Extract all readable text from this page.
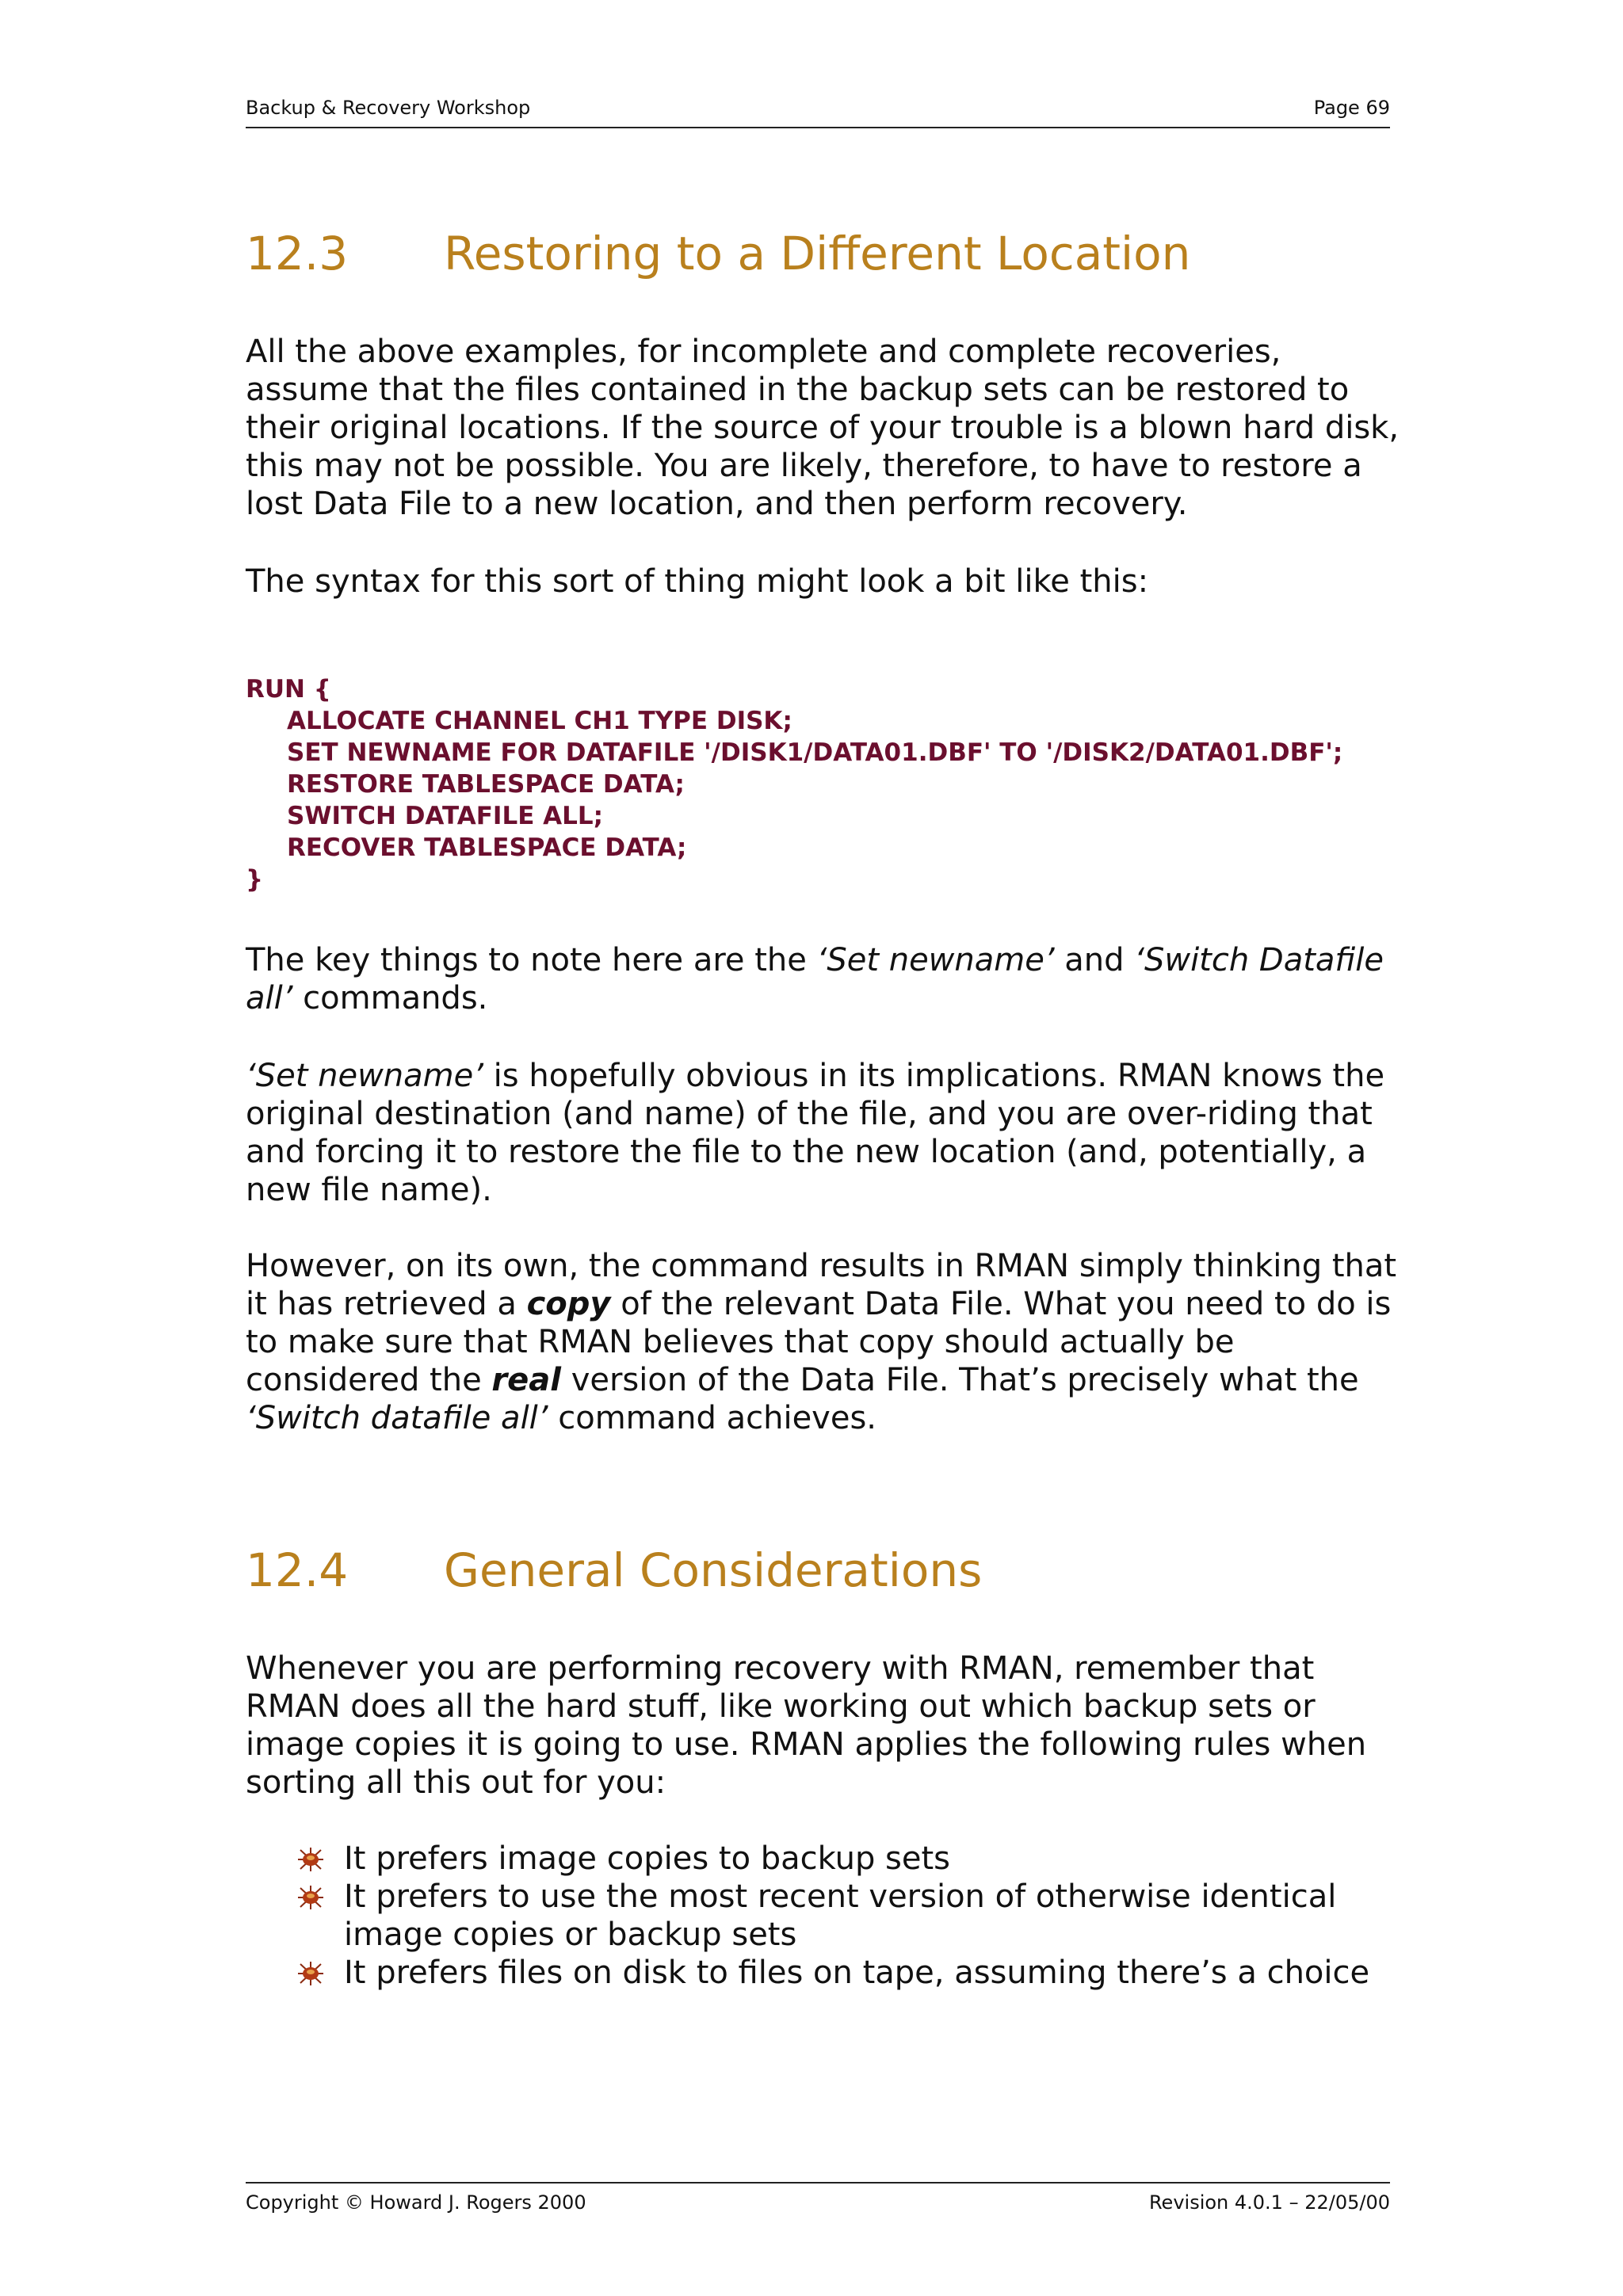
Backup & Recovery Workshop	Page 69
12.3 Restoring to a Different Location

All the above examples, for incomplete and complete recoveries, assume that the files contained in the backup sets can be restored to their original locations. If the source of your trouble is a blown hard disk, this may not be possible. You are likely, therefore, to have to restore a lost Data File to a new location, and then perform recovery.

The syntax for this sort of thing might look a bit like this:

RUN {
ALLOCATE CHANNEL CH1 TYPE DISK;
SET NEWNAME FOR DATAFILE '/DISK1/DATA01.DBF' TO '/DISK2/DATA01.DBF';
RESTORE TABLESPACE DATA;
SWITCH DATAFILE ALL;
RECOVER TABLESPACE DATA;
}

The key things to note here are the ‘Set newname’ and ‘Switch Datafile all’ commands.

‘Set newname’ is hopefully obvious in its implications. RMAN knows the original destination (and name) of the file, and you are over-riding that and forcing it to restore the file to the new location (and, potentially, a new file name).

However, on its own, the command results in RMAN simply thinking that it has retrieved a copy of the relevant Data File. What you need to do is to make sure that RMAN believes that copy should actually be considered the real version of the Data File. That’s precisely what the ‘Switch datafile all’ command achieves.

12.4 General Considerations

Whenever you are performing recovery with RMAN, remember that RMAN does all the hard stuff, like working out which backup sets or image copies it is going to use. RMAN applies the following rules when sorting all this out for you:

It prefers image copies to backup sets
It prefers to use the most recent version of otherwise identical image copies or backup sets
It prefers files on disk to files on tape, assuming there’s a choice
Copyright © Howard J. Rogers 2000	Revision 4.0.1 – 22/05/00
